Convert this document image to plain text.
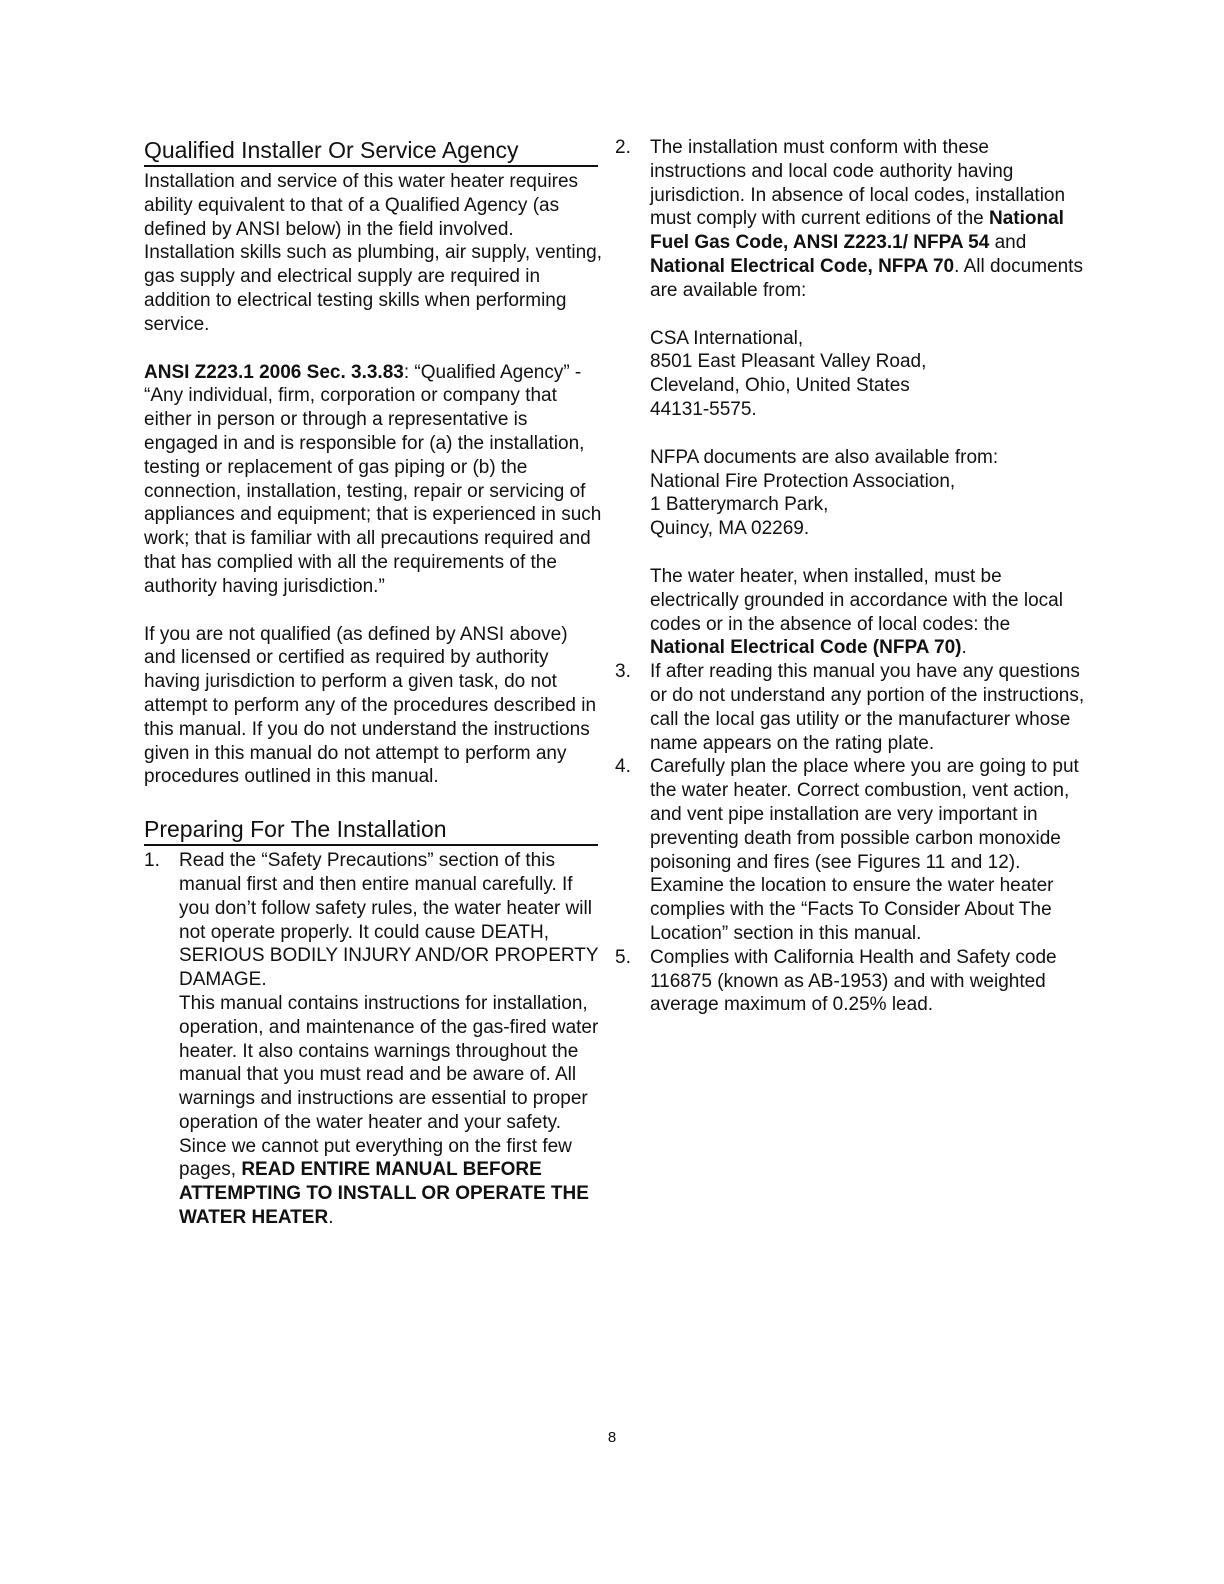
Qualified Installer Or Service Agency

Installation and service of this water heater requires ability equivalent to that of a Qualified Agency (as defined by ANSI below) in the field involved. Installation skills such as plumbing, air supply, venting, gas supply and electrical supply are required in addition to electrical testing skills when performing service.

ANSI Z223.1 2006 Sec. 3.3.83: “Qualified Agency” - “Any individual, firm, corporation or company that either in person or through a representative is engaged in and is responsible for (a) the installation, testing or replacement of gas piping or (b) the connection, installation, testing, repair or servicing of appliances and equipment; that is experienced in such work; that is familiar with all precautions required and that has complied with all the requirements of the authority having jurisdiction.”

If you are not qualified (as defined by ANSI above) and licensed or certified as required by authority having jurisdiction to perform a given task, do not attempt to perform any of the procedures described in this manual. If you do not understand the instructions given in this manual do not attempt to perform any procedures outlined in this manual.

Preparing For The Installation
1. Read the “Safety Precautions” section of this manual first and then entire manual carefully. If you don’t follow safety rules, the water heater will not operate properly. It could cause DEATH, SERIOUS BODILY INJURY AND/OR PROPERTY DAMAGE.
This manual contains instructions for installation, operation, and maintenance of the gas-fired water heater. It also contains warnings throughout the manual that you must read and be aware of. All warnings and instructions are essential to proper operation of the water heater and your safety. Since we cannot put everything on the first few pages, READ ENTIRE MANUAL BEFORE ATTEMPTING TO INSTALL OR OPERATE THE WATER HEATER.
2. The installation must conform with these instructions and local code authority having jurisdiction. In absence of local codes, installation must comply with current editions of the National Fuel Gas Code, ANSI Z223.1/ NFPA 54 and National Electrical Code, NFPA 70. All documents are available from:

CSA International,
8501 East Pleasant Valley Road,
Cleveland, Ohio, United States
44131-5575.

NFPA documents are also available from:
National Fire Protection Association,
1 Batterymarch Park,
Quincy, MA 02269.

The water heater, when installed, must be electrically grounded in accordance with the local codes or in the absence of local codes: the National Electrical Code (NFPA 70).

3. If after reading this manual you have any questions or do not understand any portion of the instructions, call the local gas utility or the manufacturer whose name appears on the rating plate.
4. Carefully plan the place where you are going to put the water heater. Correct combustion, vent action, and vent pipe installation are very important in preventing death from possible carbon monoxide poisoning and fires (see Figures 11 and 12). Examine the location to ensure the water heater complies with the “Facts To Consider About The Location” section in this manual.
5. Complies with California Health and Safety code 116875 (known as AB-1953) and with weighted average maximum of 0.25% lead.
8
